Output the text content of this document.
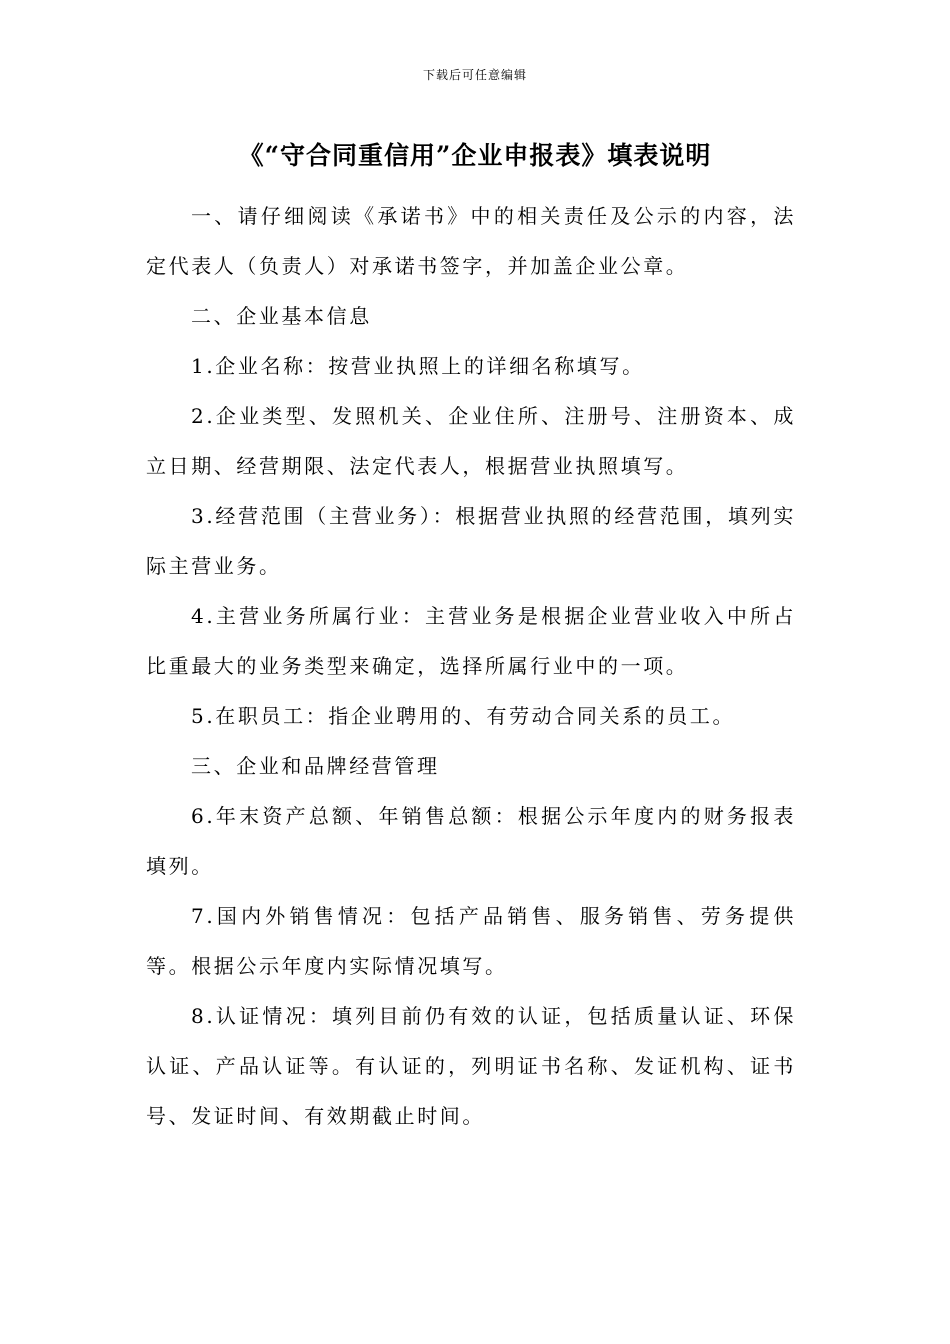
下载后可任意编辑
《“守合同重信用”企业申报表》填表说明

一、请仔细阅读《承诺书》中的相关责任及公示的内容，法定代表人（负责人）对承诺书签字，并加盖企业公章。

二、企业基本信息

1.企业名称：按营业执照上的详细名称填写。

2.企业类型、发照机关、企业住所、注册号、注册资本、成立日期、经营期限、法定代表人，根据营业执照填写。

3.经营范围（主营业务）：根据营业执照的经营范围，填列实际主营业务。

4.主营业务所属行业：主营业务是根据企业营业收入中所占比重最大的业务类型来确定，选择所属行业中的一项。

5.在职员工：指企业聘用的、有劳动合同关系的员工。

三、企业和品牌经营管理

6.年末资产总额、年销售总额：根据公示年度内的财务报表填列。

7.国内外销售情况：包括产品销售、服务销售、劳务提供等。根据公示年度内实际情况填写。

8.认证情况：填列目前仍有效的认证，包括质量认证、环保认证、产品认证等。有认证的，列明证书名称、发证机构、证书号、发证时间、有效期截止时间。
